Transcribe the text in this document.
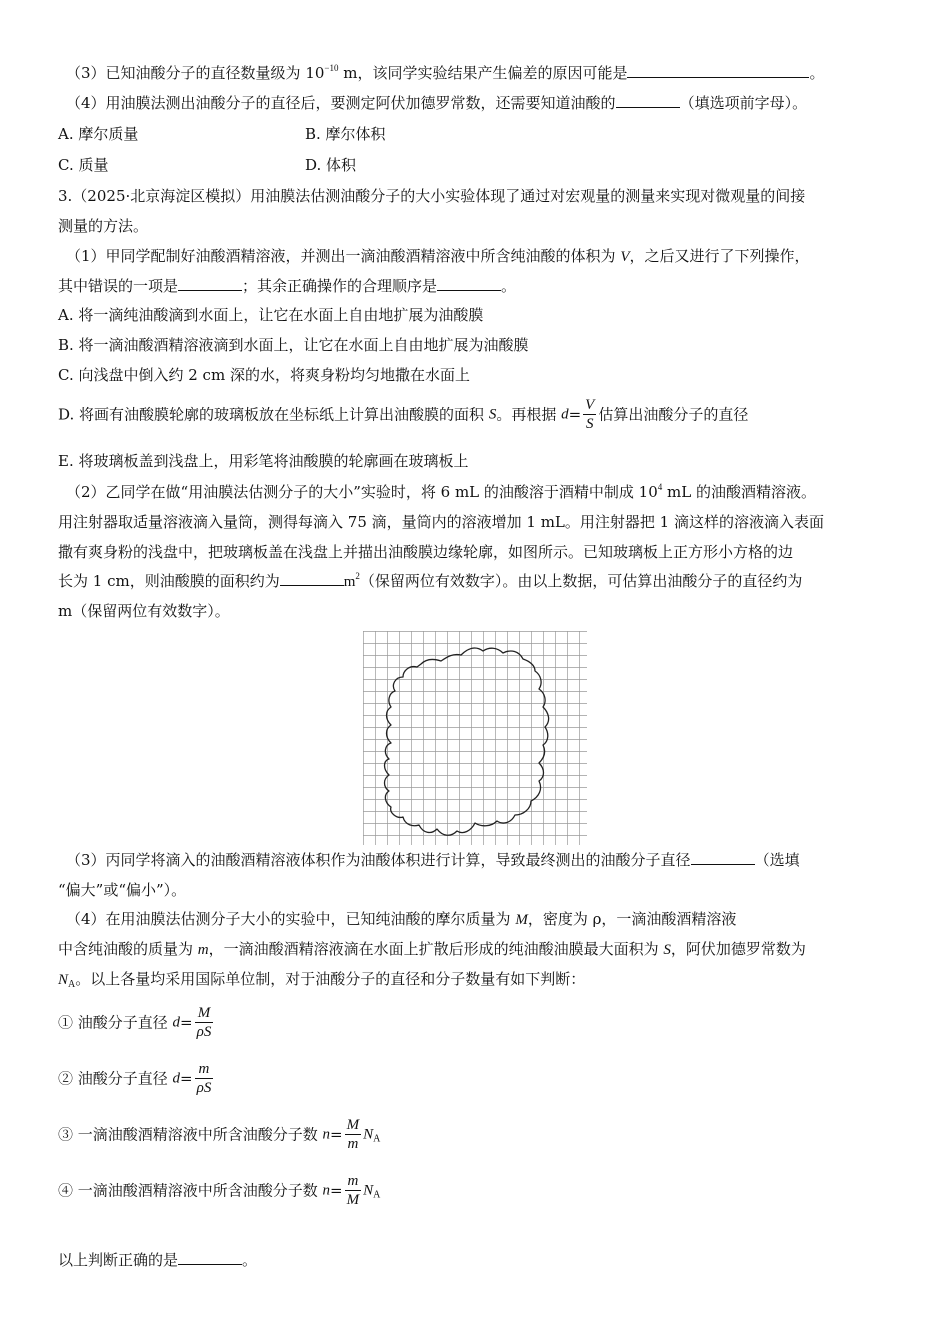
（3）已知油酸分子的直径数量级为 $10^{-10}$ m，该同学实验结果产生偏差的原因可能是	。
（4）用油膜法测出油酸分子的直径后，要测定阿伏加德罗常数，还需要知道油酸的	（填选项前字母）。
A. 摩尔质量	B. 摩尔体积
C. 质量	D. 体积
3.（2025·北京海淀区模拟）用油膜法估测油酸分子的大小实验体现了通过对宏观量的测量来实现对微观量的间接
测量的方法。
（1）甲同学配制好油酸酒精溶液，并测出一滴油酸酒精溶液中所含纯油酸的体积为 V，之后又进行了下列操作，
其中错误的一项是	；其余正确操作的合理顺序是	。
A. 将一滴纯油酸滴到水面上，让它在水面上自由地扩展为油酸膜
B. 将一滴油酸酒精溶液滴到水面上，让它在水面上自由地扩展为油酸膜
C. 向浅盘中倒入约 2 cm 深的水，将爽身粉均匀地撒在水面上
D. 将画有油酸膜轮廓的玻璃板放在坐标纸上计算出油酸膜的面积 S。再根据 $d= \frac{V}{S}$ 估算出油酸分子的直径
E. 将玻璃板盖到浅盘上，用彩笔将油酸膜的轮廓画在玻璃板上
（2）乙同学在做“用油膜法估测分子的大小”实验时，将 6 mL 的油酸溶于酒精中制成 $10^4$ mL 的油酸酒精溶液。
用注射器取适量溶液滴入量筒，测得每滴入 75 滴，量筒内的溶液增加 1 mL。用注射器把 1 滴这样的溶液滴入表面
撒有爽身粉的浅盘中，把玻璃板盖在浅盘上并描出油酸膜边缘轮廓，如图所示。已知玻璃板上正方形小方格的边
长为 1 cm，则油酸膜的面积约为	$m^2$（保留两位有效数字）。由以上数据，可估算出油酸分子的直径约为
m（保留两位有效数字）。
（3）丙同学将滴入的油酸酒精溶液体积作为油酸体积进行计算，导致最终测出的油酸分子直径	（选填
“偏大”或“偏小”）。
（4）在用油膜法估测分子大小的实验中，已知纯油酸的摩尔质量为 M，密度为 ρ，一滴油酸酒精溶液
中含纯油酸的质量为 m，一滴油酸酒精溶液滴在水面上扩散后形成的纯油酸油膜最大面积为 S，阿伏加德罗常数为
$N_A$。以上各量均采用国际单位制，对于油酸分子的直径和分子数量有如下判断：
① 油酸分子直径 $d= \frac{M}{\rho S}$
② 油酸分子直径 $d= \frac{m}{\rho S}$
③ 一滴油酸酒精溶液中所含油酸分子数 $n= \frac{M}{m} N_A$
④ 一滴油酸酒精溶液中所含油酸分子数 $n= \frac{m}{M} N_A$
以上判断正确的是	。
